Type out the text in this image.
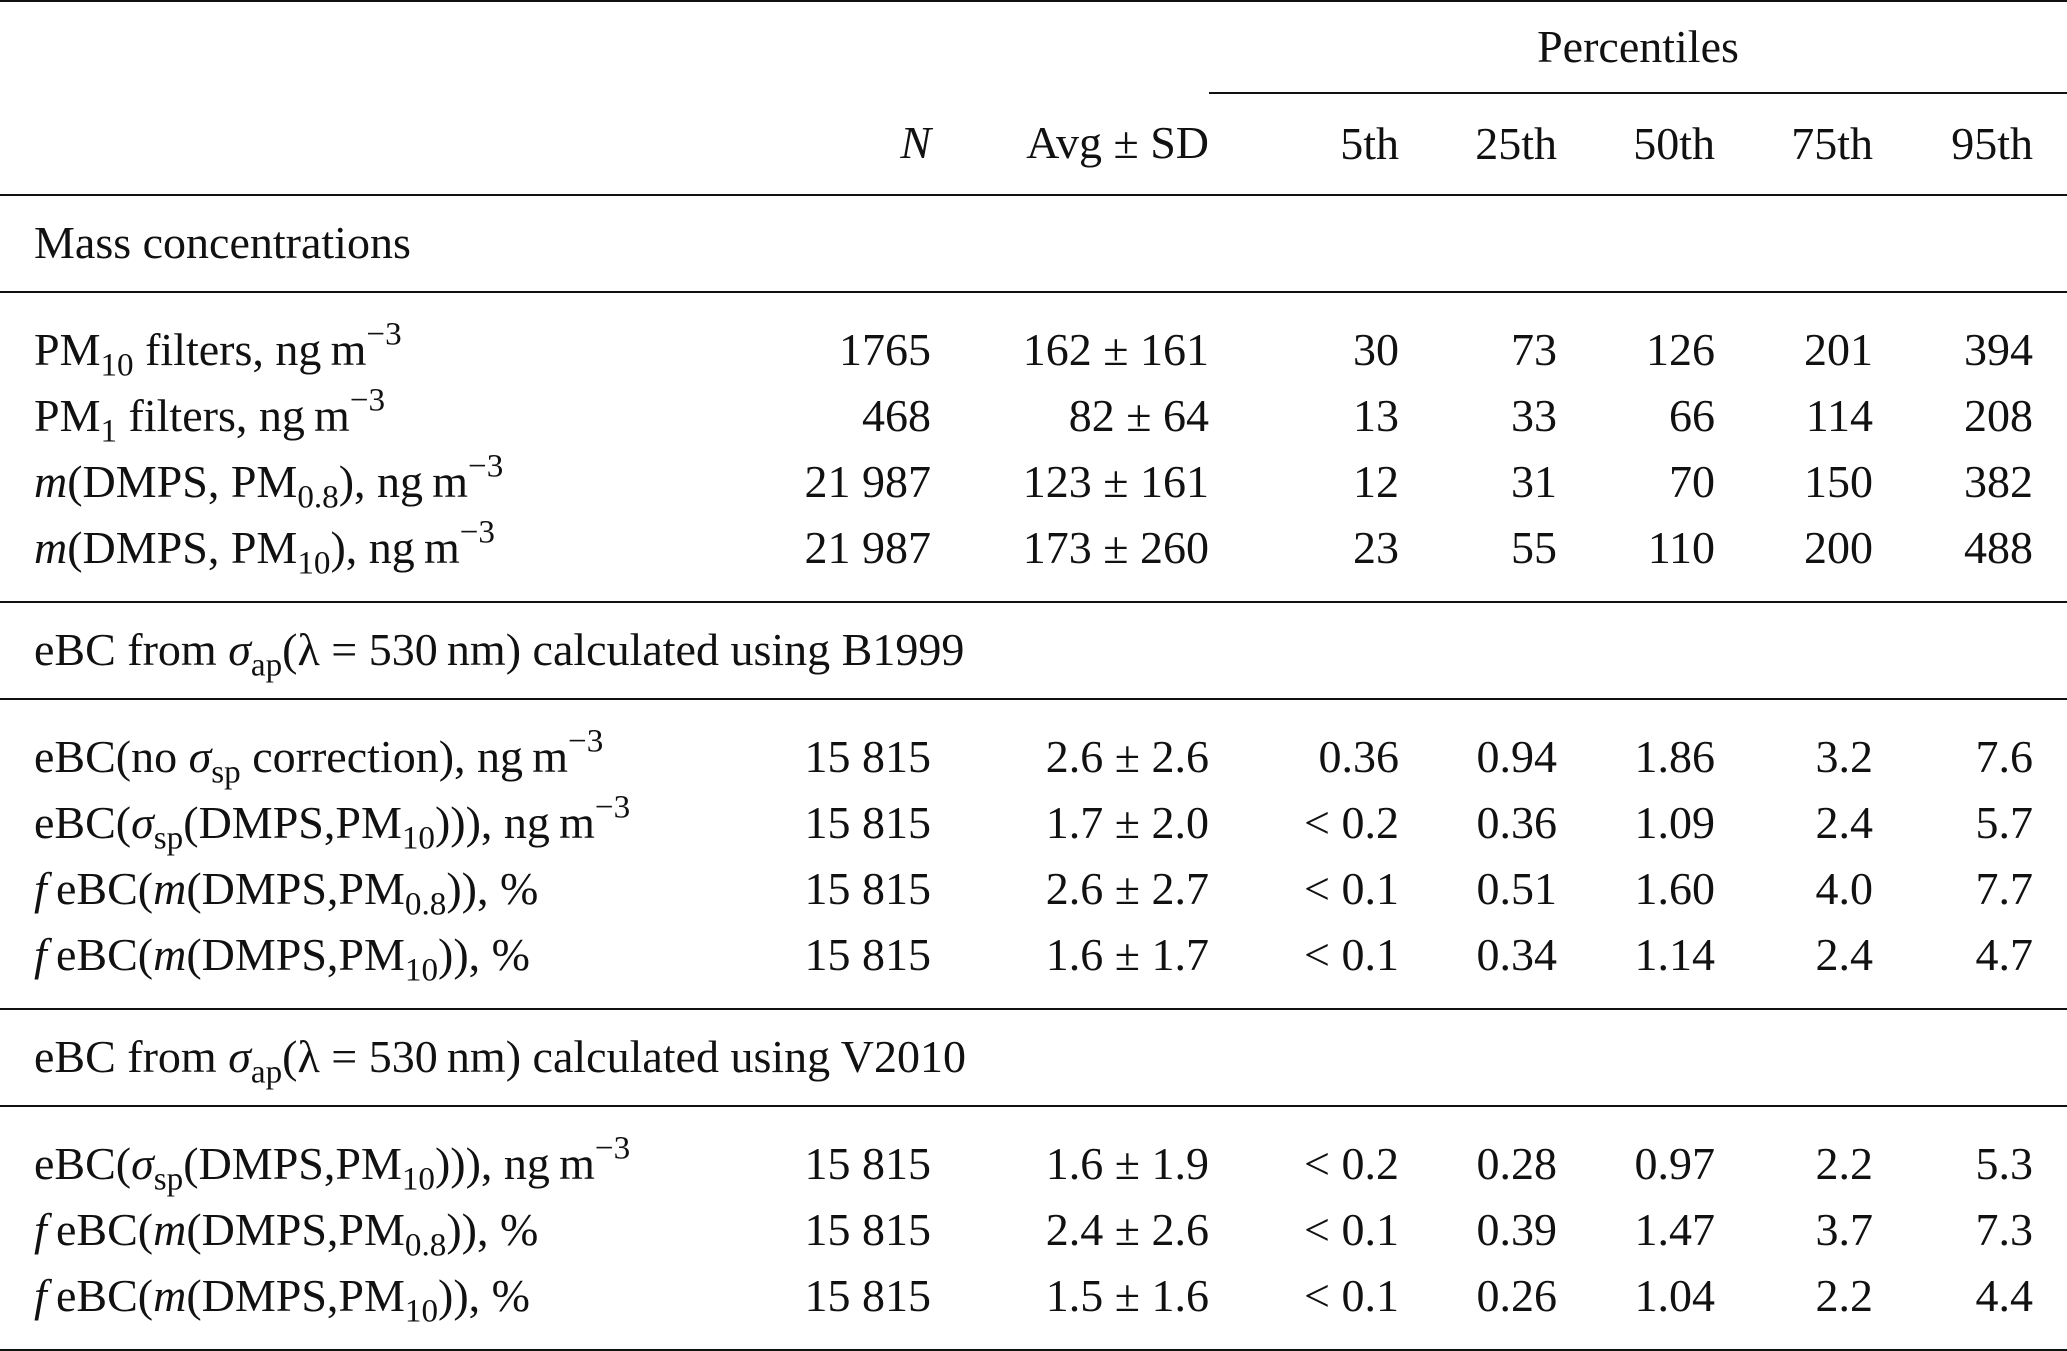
			Percentiles				
	N	Avg ± SD	5th	25th	50th	75th	95th
Mass concentrations							
$PM_{10}$ filters, ng $m^{-3}$	1765	162 ± 161	30	73	126	201	394
$PM_1$ filters, ng $m^{-3}$	468	82 ± 64	13	33	66	114	208
m(DMPS, $PM_{0.8}$), ng $m^{-3}$	21 987	123 ± 161	12	31	70	150	382
m(DMPS, $PM_{10}$), ng $m^{-3}$	21 987	173 ± 260	23	55	110	200	488
eBC from $\sigma_{ap}(\lambda = 530$ nm) calculated using B1999							
eBC(no $\sigma_{sp}$ correction), ng $m^{-3}$	15 815	2.6 ± 2.6	0.36	0.94	1.86	3.2	7.6
$eBC(\sigma_{sp}(DMPS,PM_{10}))$), ng $m^{-3}$	15 815	1.7 ± 2.0	< 0.2	0.36	1.09	2.4	5.7
f $eBC(m(DMPS,PM_{0.8}))$, %	15 815	2.6 ± 2.7	< 0.1	0.51	1.60	4.0	7.7
f $eBC(m(DMPS,PM_{10}))$, %	15 815	1.6 ± 1.7	< 0.1	0.34	1.14	2.4	4.7
eBC from $\sigma_{ap}(\lambda = 530$ nm) calculated using V2010							
$eBC(\sigma_{sp}(DMPS,PM_{10}))$), ng $m^{-3}$	15 815	1.6 ± 1.9	< 0.2	0.28	0.97	2.2	5.3
f $eBC(m(DMPS,PM_{0.8}))$, %	15 815	2.4 ± 2.6	< 0.1	0.39	1.47	3.7	7.3
f $eBC(m(DMPS,PM_{10}))$, %	15 815	1.5 ± 1.6	< 0.1	0.26	1.04	2.2	4.4
